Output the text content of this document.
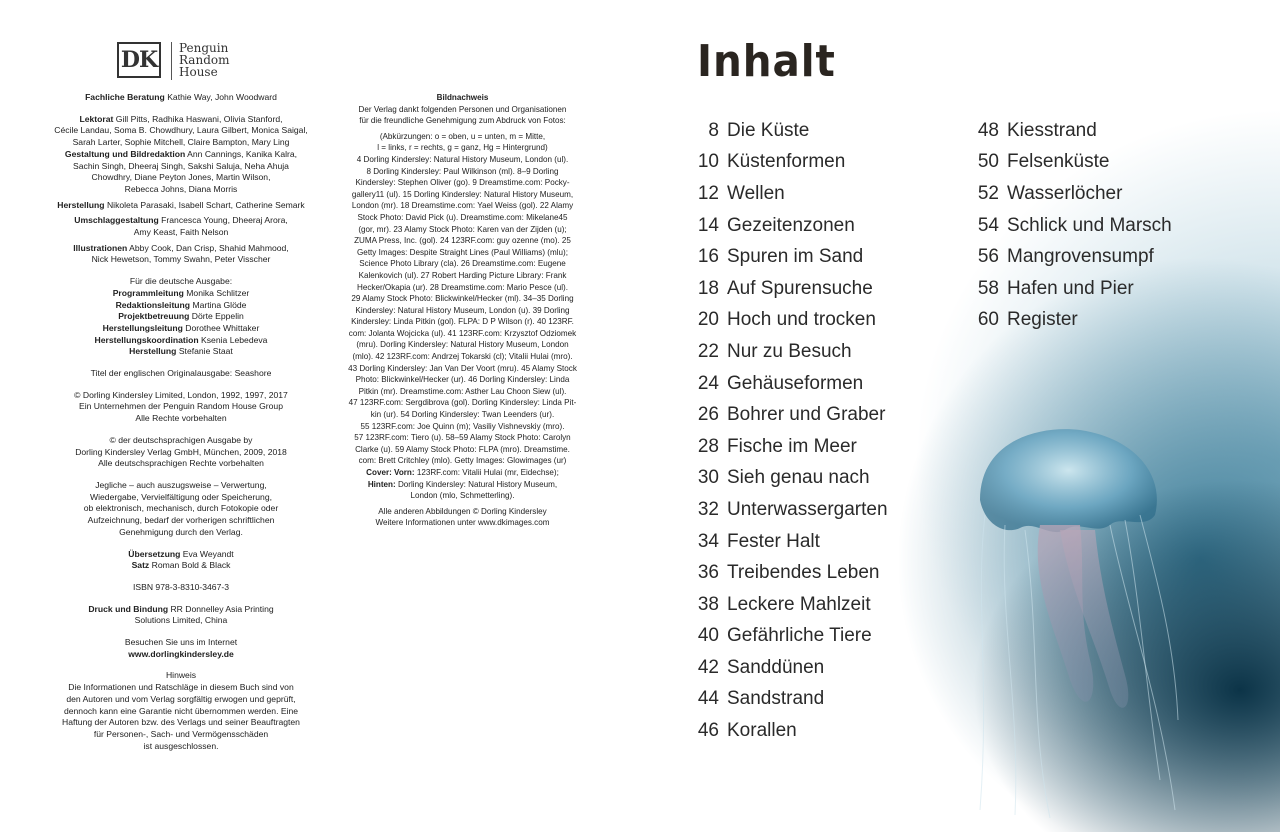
DK	Penguin
Random
House

Fachliche Beratung Kathie Way, John Woodward

Lektorat Gill Pitts, Radhika Haswani, Olivia Stanford,
Cécile Landau, Soma B. Chowdhury, Laura Gilbert, Monica Saigal,
Sarah Larter, Sophie Mitchell, Claire Bampton, Mary Ling

Gestaltung und Bildredaktion Ann Cannings, Kanika Kalra,
Sachin Singh, Dheeraj Singh, Sakshi Saluja, Neha Ahuja
Chowdhry, Diane Peyton Jones, Martin Wilson,
Rebecca Johns, Diana Morris

Herstellung Nikoleta Parasaki, Isabell Schart, Catherine Semark

Umschlaggestaltung Francesca Young, Dheeraj Arora,
Amy Keast, Faith Nelson

Illustrationen Abby Cook, Dan Crisp, Shahid Mahmood,
Nick Hewetson, Tommy Swahn, Peter Visscher

Für die deutsche Ausgabe:

Programmleitung Monika Schlitzer

Redaktionsleitung Martina Glöde

Projektbetreuung Dörte Eppelin

Herstellungsleitung Dorothee Whittaker

Herstellungskoordination Ksenia Lebedeva

Herstellung Stefanie Staat

Titel der englischen Originalausgabe: Seashore

© Dorling Kindersley Limited, London, 1992, 1997, 2017
Ein Unternehmen der Penguin Random House Group
Alle Rechte vorbehalten

© der deutschsprachigen Ausgabe by
Dorling Kindersley Verlag GmbH, München, 2009, 2018
Alle deutschsprachigen Rechte vorbehalten

Jegliche – auch auszugsweise – Verwertung,
Wiedergabe, Vervielfältigung oder Speicherung,
ob elektronisch, mechanisch, durch Fotokopie oder
Aufzeichnung, bedarf der vorherigen schriftlichen
Genehmigung durch den Verlag.

Übersetzung Eva Weyandt

Satz Roman Bold & Black

ISBN 978-3-8310-3467-3

Druck und Bindung RR Donnelley Asia Printing
Solutions Limited, China

Besuchen Sie uns im Internet

www.dorlingkindersley.de

Hinweis

Die Informationen und Ratschläge in diesem Buch sind von
den Autoren und vom Verlag sorgfältig erwogen und geprüft,
dennoch kann eine Garantie nicht übernommen werden. Eine
Haftung der Autoren bzw. des Verlags und seiner Beauftragten
für Personen-, Sach- und Vermögensschäden
ist ausgeschlossen.

Bildnachweis

Der Verlag dankt folgenden Personen und Organisationen
für die freundliche Genehmigung zum Abdruck von Fotos:

(Abkürzungen: o = oben, u = unten, m = Mitte,
l = links, r = rechts, g = ganz, Hg = Hintergrund)

4 Dorling Kindersley: Natural History Museum, London (ul).
8 Dorling Kindersley: Paul Wilkinson (ml). 8–9 Dorling
Kindersley: Stephen Oliver (go). 9 Dreamstime.com: Pocky-
gallery11 (ul). 15 Dorling Kindersley: Natural History Museum,
London (mr). 18 Dreamstime.com: Yael Weiss (gol). 22 Alamy
Stock Photo: David Pick (u). Dreamstime.com: Mikelane45
(gor, mr). 23 Alamy Stock Photo: Karen van der Zijden (u);
ZUMA Press, Inc. (gol). 24 123RF.com: guy ozenne (mo). 25
Getty Images: Despite Straight Lines (Paul Williams) (mlu);
Science Photo Library (cla). 26 Dreamstime.com: Eugene
Kalenkovich (ul). 27 Robert Harding Picture Library: Frank
Hecker/Okapia (ur). 28 Dreamstime.com: Mario Pesce (ul).
29 Alamy Stock Photo: Blickwinkel/Hecker (ml). 34–35 Dorling
Kindersley: Natural History Museum, London (u). 39 Dorling
Kindersley: Linda Pitkin (gol). FLPA: D P Wilson (r). 40 123RF.
com: Jolanta Wojcicka (ul). 41 123RF.com: Krzysztof Odziomek
(mru). Dorling Kindersley: Natural History Museum, London
(mlo). 42 123RF.com: Andrzej Tokarski (cl); Vitalii Hulai (mro).
43 Dorling Kindersley: Jan Van Der Voort (mru). 45 Alamy Stock
Photo: Blickwinkel/Hecker (ur). 46 Dorling Kindersley: Linda
Pitkin (mr). Dreamstime.com: Asther Lau Choon Siew (ul).
47 123RF.com: Sergdibrova (gol). Dorling Kindersley: Linda Pit-
kin (ur). 54 Dorling Kindersley: Twan Leenders (ur).
55 123RF.com: Joe Quinn (m); Vasiliy Vishnevskiy (mro).
57 123RF.com: Tiero (u). 58–59 Alamy Stock Photo: Carolyn
Clarke (u). 59 Alamy Stock Photo: FLPA (mro). Dreamstime.
com: Brett Critchley (mlo). Getty Images: Glowimages (ur)

Cover: Vorn: 123RF.com: Vitalii Hulai (mr, Eidechse);

Hinten: Dorling Kindersley: Natural History Museum,
London (mlo, Schmetterling).

Alle anderen Abbildungen © Dorling Kindersley
Weitere Informationen unter www.dkimages.com

Inhalt
8 Die Küste
10 Küstenformen
12 Wellen
14 Gezeitenzonen
16 Spuren im Sand
18 Auf Spurensuche
20 Hoch und trocken
22 Nur zu Besuch
24 Gehäuseformen
26 Bohrer und Graber
28 Fische im Meer
30 Sieh genau nach
32 Unterwassergarten
34 Fester Halt
36 Treibendes Leben
38 Leckere Mahlzeit
40 Gefährliche Tiere
42 Sanddünen
44 Sandstrand
46 Korallen
48 Kiesstrand
50 Felsenküste
52 Wasserlöcher
54 Schlick und Marsch
56 Mangrovensumpf
58 Hafen und Pier
60 Register
